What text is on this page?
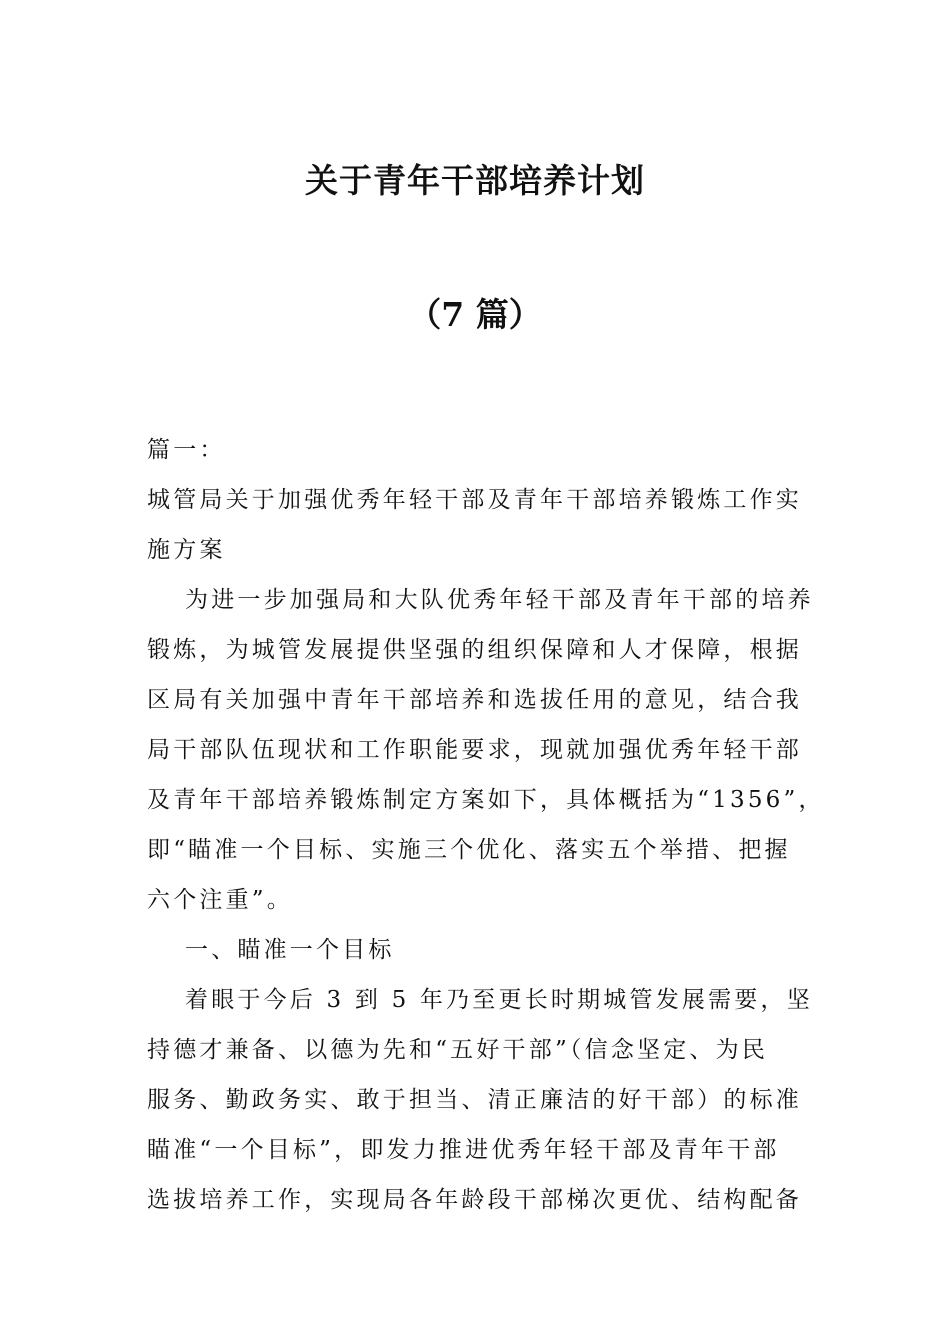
关于青年干部培养计划
（7 篇）
篇一：
城管局关于加强优秀年轻干部及青年干部培养锻炼工作实
施方案
为进一步加强局和大队优秀年轻干部及青年干部的培养
锻炼，为城管发展提供坚强的组织保障和人才保障，根据
区局有关加强中青年干部培养和选拔任用的意见，结合我
局干部队伍现状和工作职能要求，现就加强优秀年轻干部
及青年干部培养锻炼制定方案如下，具体概括为“1356”，
即“瞄准一个目标、实施三个优化、落实五个举措、把握
六个注重”。
一、瞄准一个目标
着眼于今后 3 到 5 年乃至更长时期城管发展需要，坚
持德才兼备、以德为先和“五好干部”（信念坚定、为民
服务、勤政务实、敢于担当、清正廉洁的好干部）的标准
瞄准“一个目标”，即发力推进优秀年轻干部及青年干部
选拔培养工作，实现局各年龄段干部梯次更优、结构配备
